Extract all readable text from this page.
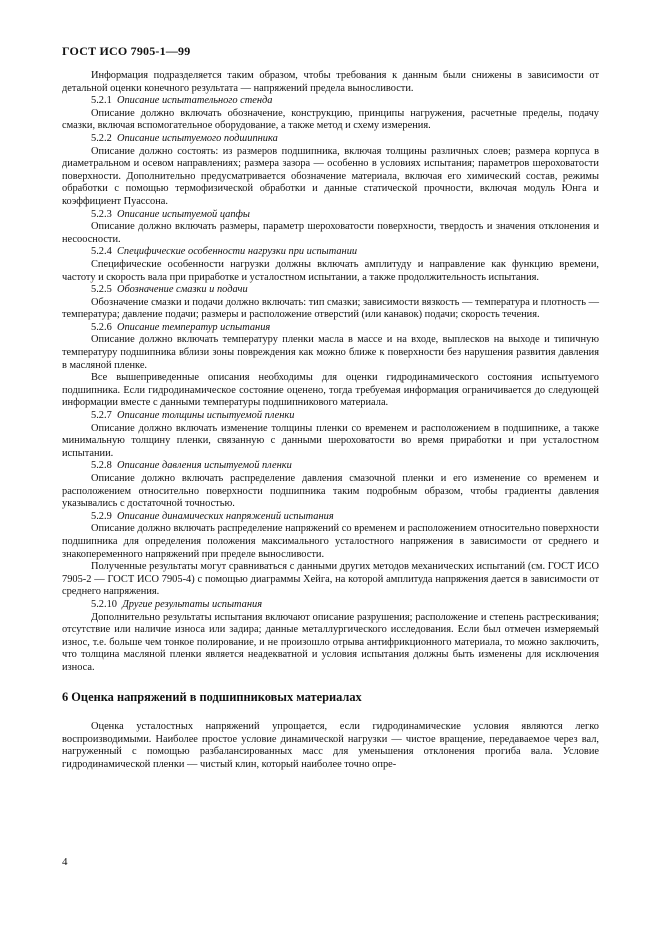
ГОСТ ИСО 7905-1—99

Информация подразделяется таким образом, чтобы требования к данным были снижены в зависимости от детальной оценки конечного результата — напряжений предела выносливости.

5.2.1 Описание испытательного стенда

Описание должно включать обозначение, конструкцию, принципы нагружения, расчетные пределы, подачу смазки, включая вспомогательное оборудование, а также метод и схему измерения.

5.2.2 Описание испытуемого подшипника

Описание должно состоять: из размеров подшипника, включая толщины различных слоев; размера корпуса в диаметральном и осевом направлениях; размера зазора — особенно в условиях испытания; параметров шероховатости поверхности. Дополнительно предусматривается обозначение материала, включая его химический состав, режимы обработки с помощью термофизической обработки и данные статической прочности, включая модуль Юнга и коэффициент Пуассона.

5.2.3 Описание испытуемой цапфы

Описание должно включать размеры, параметр шероховатости поверхности, твердость и значения отклонения и несоосности.

5.2.4 Специфические особенности нагрузки при испытании

Специфические особенности нагрузки должны включать амплитуду и направление как функцию времени, частоту и скорость вала при приработке и усталостном испытании, а также продолжительность испытания.

5.2.5 Обозначение смазки и подачи

Обозначение смазки и подачи должно включать: тип смазки; зависимости вязкость — температура и плотность — температура; давление подачи; размеры и расположение отверстий (или канавок) подачи; скорость течения.

5.2.6 Описание температур испытания

Описание должно включать температуру пленки масла в массе и на входе, выплесков на выходе и типичную температуру подшипника вблизи зоны повреждения как можно ближе к поверхности без нарушения развития давления в масляной пленке.

Все вышеприведенные описания необходимы для оценки гидродинамического состояния испытуемого подшипника. Если гидродинамическое состояние оценено, тогда требуемая информация ограничивается до следующей информации вместе с данными температуры подшипникового материала.

5.2.7 Описание толщины испытуемой пленки

Описание должно включать изменение толщины пленки со временем и расположением в подшипнике, а также минимальную толщину пленки, связанную с данными шероховатости во время приработки и при усталостном испытании.

5.2.8 Описание давления испытуемой пленки

Описание должно включать распределение давления смазочной пленки и его изменение со временем и расположением относительно поверхности подшипника таким подробным образом, чтобы градиенты давления указывались с достаточной точностью.

5.2.9 Описание динамических напряжений испытания

Описание должно включать распределение напряжений со временем и расположением относительно поверхности подшипника для определения положения максимального усталостного напряжения в зависимости от среднего и знакопеременного напряжений при пределе выносливости.

Полученные результаты могут сравниваться с данными других методов механических испытаний (см. ГОСТ ИСО 7905-2 — ГОСТ ИСО 7905-4) с помощью диаграммы Хейга, на которой амплитуда напряжения дается в зависимости от среднего напряжения.

5.2.10 Другие результаты испытания

Дополнительно результаты испытания включают описание разрушения; расположение и степень растрескивания; отсутствие или наличие износа или задира; данные металлургического исследования. Если был отмечен измеряемый износ, т.е. больше чем тонкое полирование, и не произошло отрыва антифрикционного материала, то можно заключить, что толщина масляной пленки является неадекватной и условия испытания должны быть изменены для исключения износа.

6 Оценка напряжений в подшипниковых материалах

Оценка усталостных напряжений упрощается, если гидродинамические условия являются легко воспроизводимыми. Наиболее простое условие динамической нагрузки — чистое вращение, передаваемое через вал, нагруженный с помощью разбалансированных масс для уменьшения отклонения прогиба вала. Условие гидродинамической пленки — чистый клин, который наиболее точно опре-

4
